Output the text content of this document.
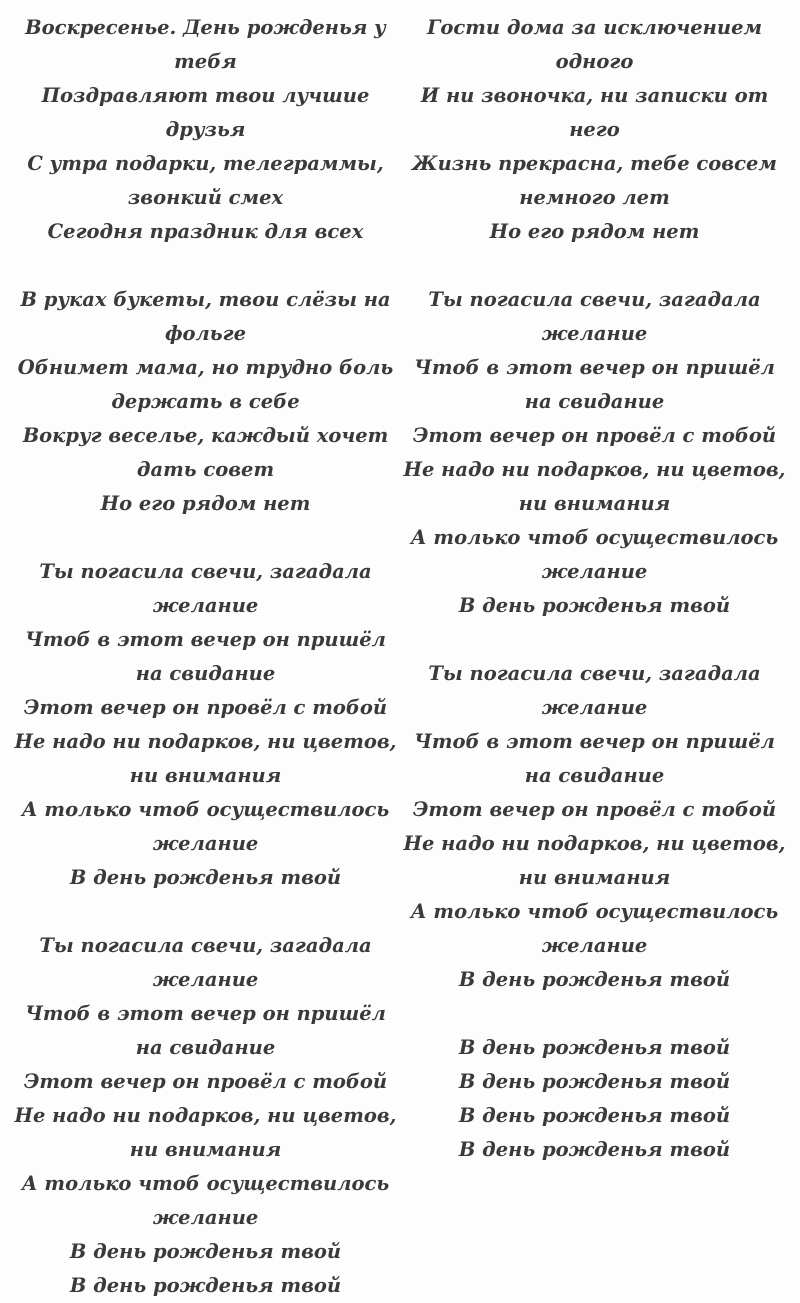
Воскресенье. День рожденья у тебя
Поздравляют твои лучшие друзья
С утра подарки, телеграммы, звонкий смех
Сегодня праздник для всех
В руках букеты, твои слёзы на фольге
Обнимет мама, но трудно боль держать в себе
Вокруг веселье, каждый хочет дать совет
Но его рядом нет
Ты погасила свечи, загадала желание
Чтоб в этот вечер он пришёл на свидание
Этот вечер он провёл с тобой
Не надо ни подарков, ни цветов, ни внимания
А только чтоб осуществилось желание
В день рожденья твой
Ты погасила свечи, загадала желание
Чтоб в этот вечер он пришёл на свидание
Этот вечер он провёл с тобой
Не надо ни подарков, ни цветов, ни внимания
А только чтоб осуществилось желание
В день рожденья твой
В день рожденья твой
Гости дома за исключением одного
И ни звоночка, ни записки от него
Жизнь прекрасна, тебе совсем немного лет
Но его рядом нет
Ты погасила свечи, загадала желание
Чтоб в этот вечер он пришёл на свидание
Этот вечер он провёл с тобой
Не надо ни подарков, ни цветов, ни внимания
А только чтоб осуществилось желание
В день рожденья твой
Ты погасила свечи, загадала желание
Чтоб в этот вечер он пришёл на свидание
Этот вечер он провёл с тобой
Не надо ни подарков, ни цветов, ни внимания
А только чтоб осуществилось желание
В день рожденья твой
В день рожденья твой
В день рожденья твой
В день рожденья твой
В день рожденья твой
